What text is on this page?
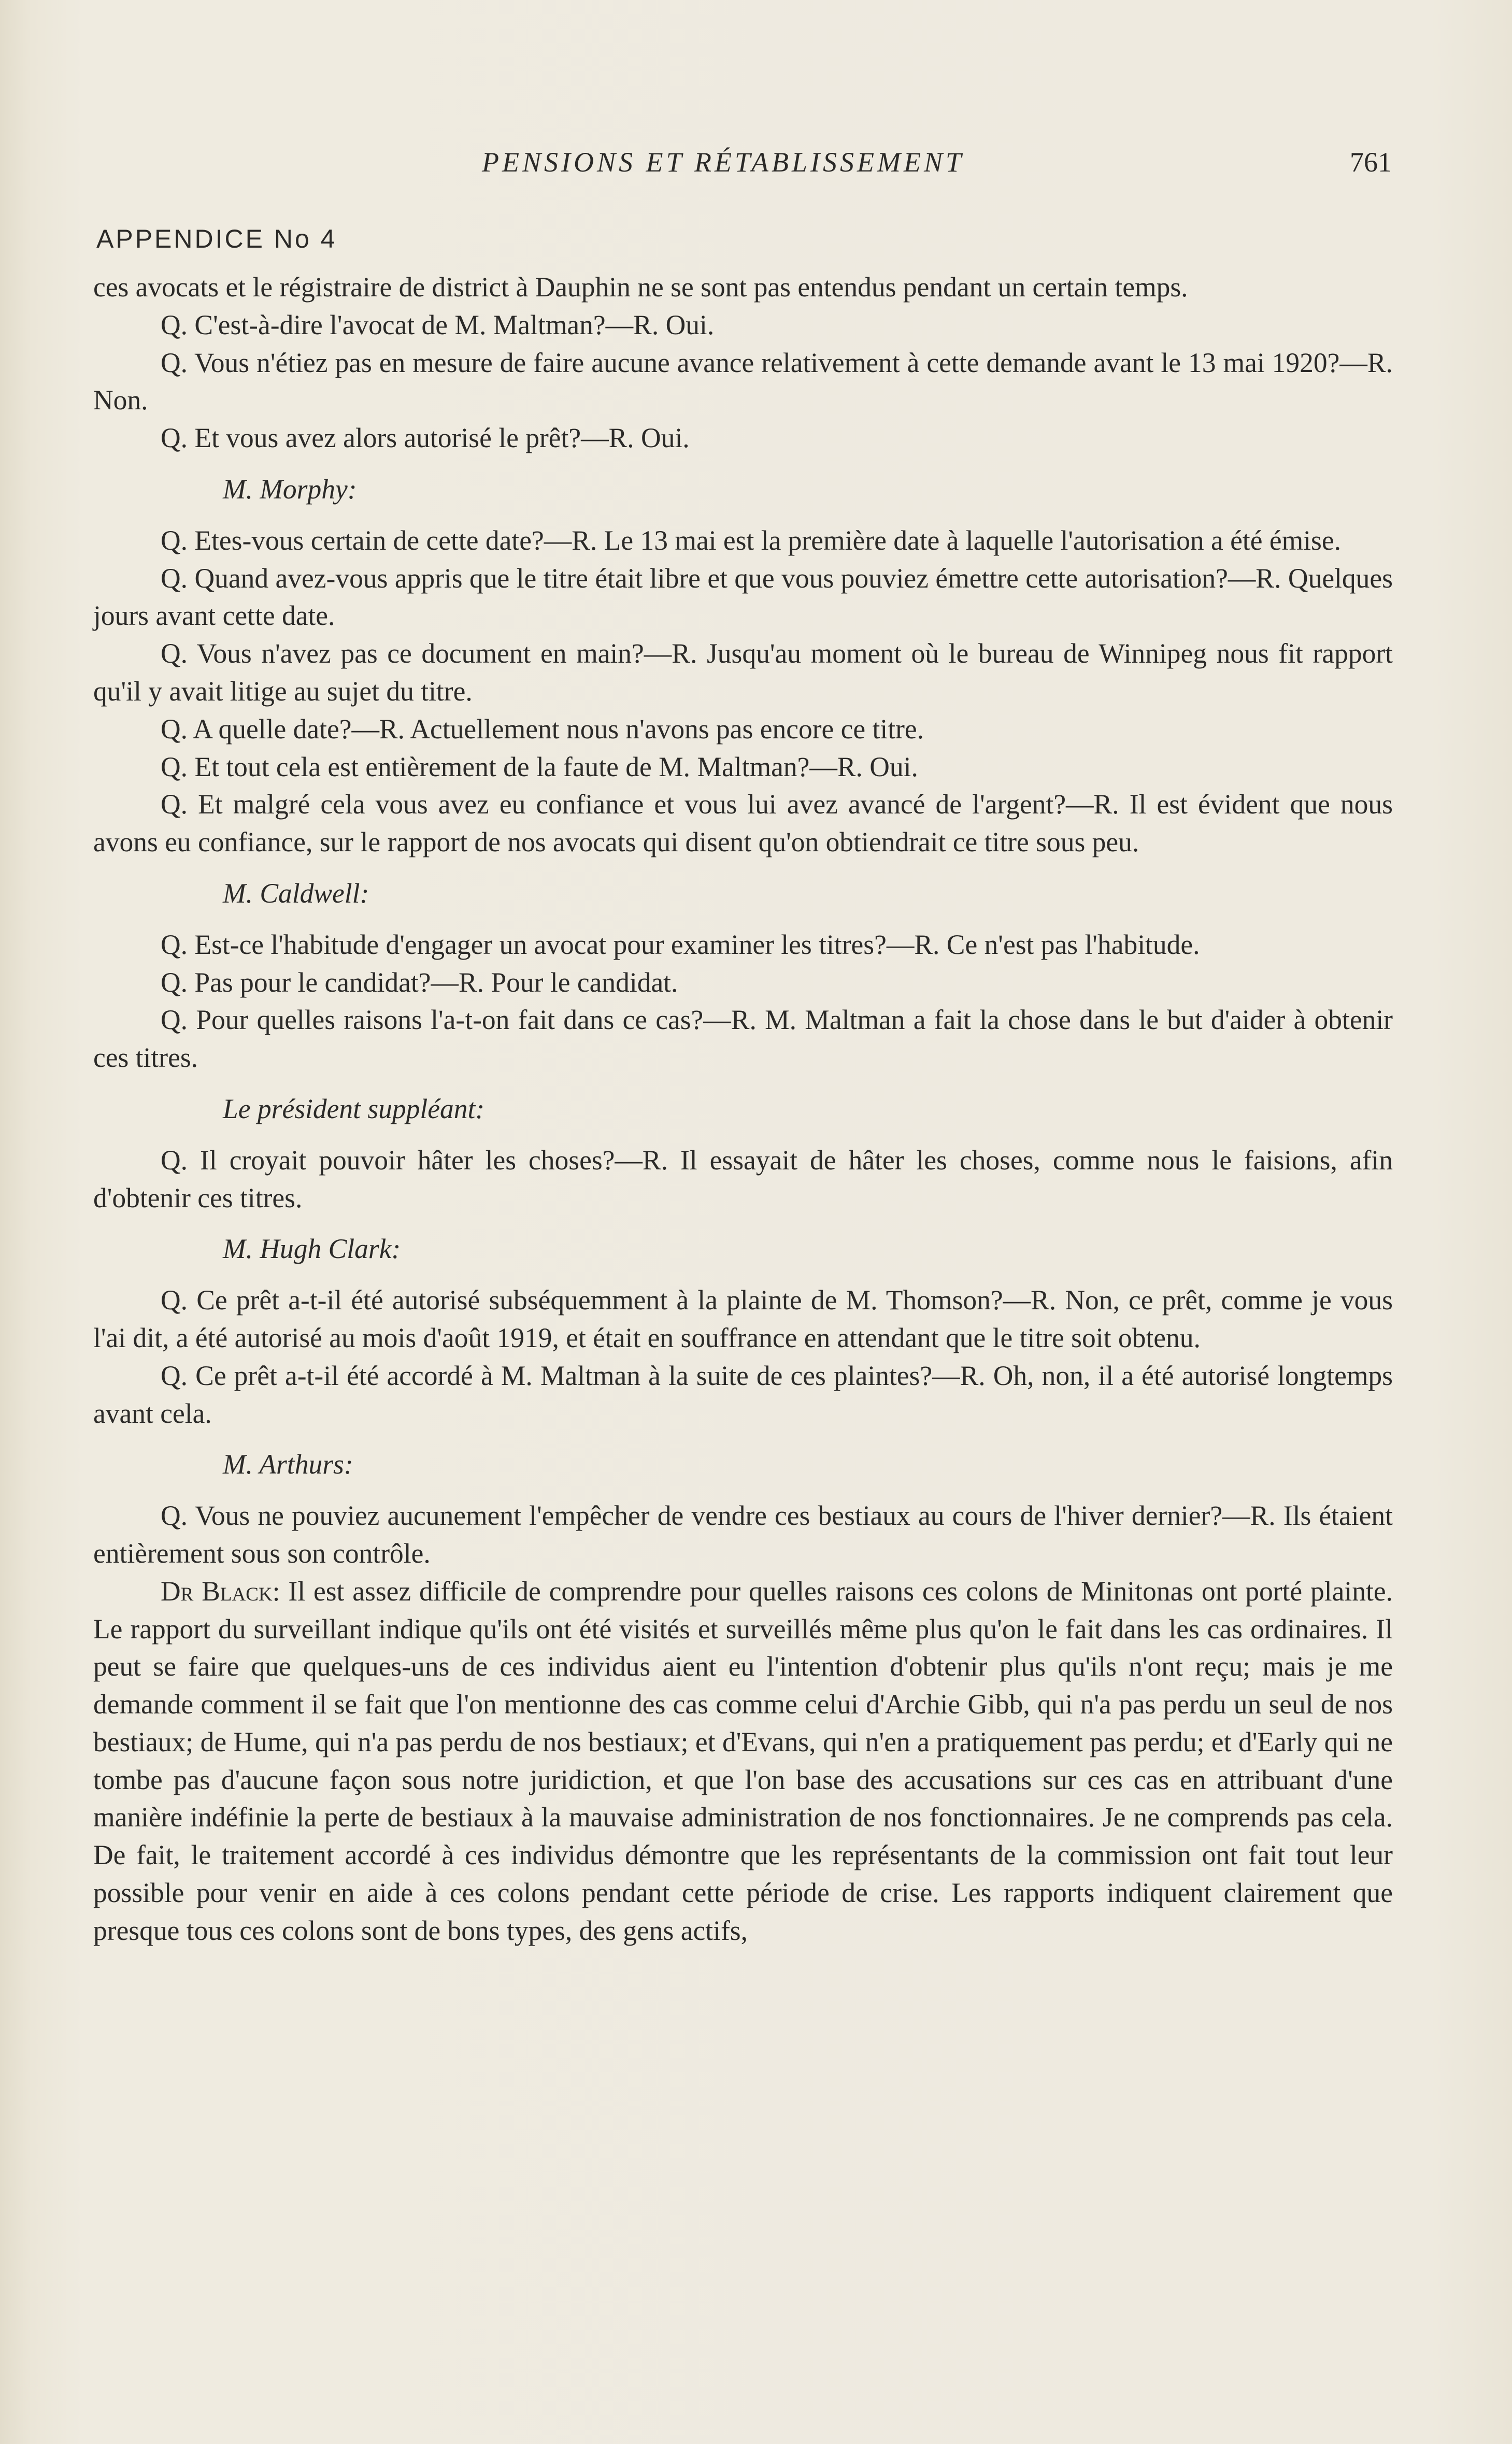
PENSIONS ET RÉTABLISSEMENT	761
APPENDICE No 4

ces avocats et le régistraire de district à Dauphin ne se sont pas entendus pendant un certain temps.

Q. C'est-à-dire l'avocat de M. Maltman?—R. Oui.

Q. Vous n'étiez pas en mesure de faire aucune avance relativement à cette demande avant le 13 mai 1920?—R. Non.

Q. Et vous avez alors autorisé le prêt?—R. Oui.

M. Morphy:

Q. Etes-vous certain de cette date?—R. Le 13 mai est la première date à laquelle l'autorisation a été émise.

Q. Quand avez-vous appris que le titre était libre et que vous pouviez émettre cette autorisation?—R. Quelques jours avant cette date.

Q. Vous n'avez pas ce document en main?—R. Jusqu'au moment où le bureau de Winnipeg nous fit rapport qu'il y avait litige au sujet du titre.

Q. A quelle date?—R. Actuellement nous n'avons pas encore ce titre.

Q. Et tout cela est entièrement de la faute de M. Maltman?—R. Oui.

Q. Et malgré cela vous avez eu confiance et vous lui avez avancé de l'argent?—R. Il est évident que nous avons eu confiance, sur le rapport de nos avocats qui disent qu'on obtiendrait ce titre sous peu.

M. Caldwell:

Q. Est-ce l'habitude d'engager un avocat pour examiner les titres?—R. Ce n'est pas l'habitude.

Q. Pas pour le candidat?—R. Pour le candidat.

Q. Pour quelles raisons l'a-t-on fait dans ce cas?—R. M. Maltman a fait la chose dans le but d'aider à obtenir ces titres.

Le président suppléant:

Q. Il croyait pouvoir hâter les choses?—R. Il essayait de hâter les choses, comme nous le faisions, afin d'obtenir ces titres.

M. Hugh Clark:

Q. Ce prêt a-t-il été autorisé subséquemment à la plainte de M. Thomson?—R. Non, ce prêt, comme je vous l'ai dit, a été autorisé au mois d'août 1919, et était en souffrance en attendant que le titre soit obtenu.

Q. Ce prêt a-t-il été accordé à M. Maltman à la suite de ces plaintes?—R. Oh, non, il a été autorisé longtemps avant cela.

M. Arthurs:

Q. Vous ne pouviez aucunement l'empêcher de vendre ces bestiaux au cours de l'hiver dernier?—R. Ils étaient entièrement sous son contrôle.

Dr Black: Il est assez difficile de comprendre pour quelles raisons ces colons de Minitonas ont porté plainte. Le rapport du surveillant indique qu'ils ont été visités et surveillés même plus qu'on le fait dans les cas ordinaires. Il peut se faire que quelques-uns de ces individus aient eu l'intention d'obtenir plus qu'ils n'ont reçu; mais je me demande comment il se fait que l'on mentionne des cas comme celui d'Archie Gibb, qui n'a pas perdu un seul de nos bestiaux; de Hume, qui n'a pas perdu de nos bestiaux; et d'Evans, qui n'en a pratiquement pas perdu; et d'Early qui ne tombe pas d'aucune façon sous notre juridiction, et que l'on base des accusations sur ces cas en attribuant d'une manière indéfinie la perte de bestiaux à la mauvaise administration de nos fonctionnaires. Je ne comprends pas cela. De fait, le traitement accordé à ces individus démontre que les représentants de la commission ont fait tout leur possible pour venir en aide à ces colons pendant cette période de crise. Les rapports indiquent clairement que presque tous ces colons sont de bons types, des gens actifs,
